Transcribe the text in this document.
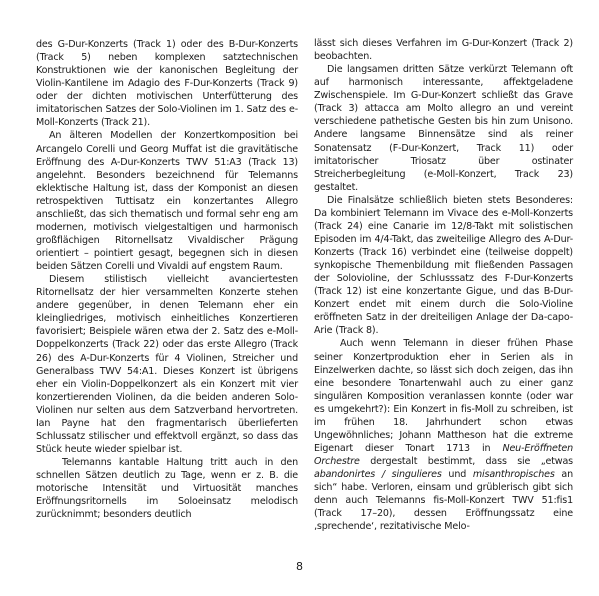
des G-Dur-Konzerts (Track 1) oder des B-Dur-Konzerts (Track 5) neben komplexen satztechnischen Konstruktionen wie der kanonischen Begleitung der Violin-Kantilene im Adagio des F-Dur-Konzerts (Track 9) oder der dichten motivischen Unterfütterung des imitatorischen Satzes der Solo-Violinen im 1. Satz des e-Moll-Konzerts (Track 21).

An älteren Modellen der Konzertkomposition bei Arcangelo Corelli und Georg Muffat ist die gravitätische Eröffnung des A-Dur-Konzerts TWV 51:A3 (Track 13) angelehnt. Besonders bezeichnend für Telemanns eklektische Haltung ist, dass der Komponist an diesen retrospektiven Tuttisatz ein konzertantes Allegro anschließt, das sich thematisch und formal sehr eng am modernen, motivisch vielgestaltigen und harmonisch großflächigen Ritornellsatz Vivaldischer Prägung orientiert – pointiert gesagt, begegnen sich in diesen beiden Sätzen Corelli und Vivaldi auf engstem Raum.

Diesem stilistisch vielleicht avanciertesten Ritornellsatz der hier versammelten Konzerte stehen andere gegenüber, in denen Telemann eher ein kleingliedriges, motivisch einheitliches Konzertieren favorisiert; Beispiele wären etwa der 2. Satz des e-Moll-Doppelkonzerts (Track 22) oder das erste Allegro (Track 26) des A-Dur-Konzerts für 4 Violinen, Streicher und Generalbass TWV 54:A1. Dieses Konzert ist übrigens eher ein Violin-Doppelkonzert als ein Konzert mit vier konzertierenden Violinen, da die beiden anderen Solo-Violinen nur selten aus dem Satzverband hervortreten. Ian Payne hat den fragmentarisch überlieferten Schlussatz stilischer und effektvoll ergänzt, so dass das Stück heute wieder spielbar ist.

Telemanns kantable Haltung tritt auch in den schnellen Sätzen deutlich zu Tage, wenn er z. B. die motorische Intensität und Virtuosität manches Eröffnungsritornells im Soloeinsatz melodisch zurücknimmt; besonders deutlich

lässt sich dieses Verfahren im G-Dur-Konzert (Track 2) beobachten.

Die langsamen dritten Sätze verkürzt Telemann oft auf harmonisch interessante, affektgeladene Zwischenspiele. Im G-Dur-Konzert schließt das Grave (Track 3) attacca am Molto allegro an und vereint verschiedene pathetische Gesten bis hin zum Unisono. Andere langsame Binnensätze sind als reiner Sonatensatz (F-Dur-Konzert, Track 11) oder imitatorischer Triosatz über ostinater Streicherbegleitung (e-Moll-Konzert, Track 23) gestaltet.

Die Finalsätze schließlich bieten stets Besonderes: Da kombiniert Telemann im Vivace des e-Moll-Konzerts (Track 24) eine Canarie im 12/8-Takt mit solistischen Episoden im 4/4-Takt, das zweiteilige Allegro des A-Dur-Konzerts (Track 16) verbindet eine (teilweise doppelt) synkopische Themenbildung mit fließenden Passagen der Solovioline, der Schlusssatz des F-Dur-Konzerts (Track 12) ist eine konzertante Gigue, und das B-Dur-Konzert endet mit einem durch die Solo-Violine eröffneten Satz in der dreiteiligen Anlage der Da-capo-Arie (Track 8).

Auch wenn Telemann in dieser frühen Phase seiner Konzertproduktion eher in Serien als in Einzelwerken dachte, so lässt sich doch zeigen, das ihn eine besondere Tonartenwahl auch zu einer ganz singulären Komposition veranlassen konnte (oder war es umgekehrt?): Ein Konzert in fis-Moll zu schreiben, ist im frühen 18. Jahrhundert schon etwas Ungewöhnliches; Johann Mattheson hat die extreme Eigenart dieser Tonart 1713 in Neu-Eröffneten Orchestre dergestalt bestimmt, dass sie „etwas abandonirtes / singulieres und misanthropisches an sich“ habe. Verloren, einsam und grüblerisch gibt sich denn auch Telemanns fis-Moll-Konzert TWV 51:fis1 (Track 17–20), dessen Eröffnungssatz eine ‚sprechende‘, rezitativische Melo-

8
